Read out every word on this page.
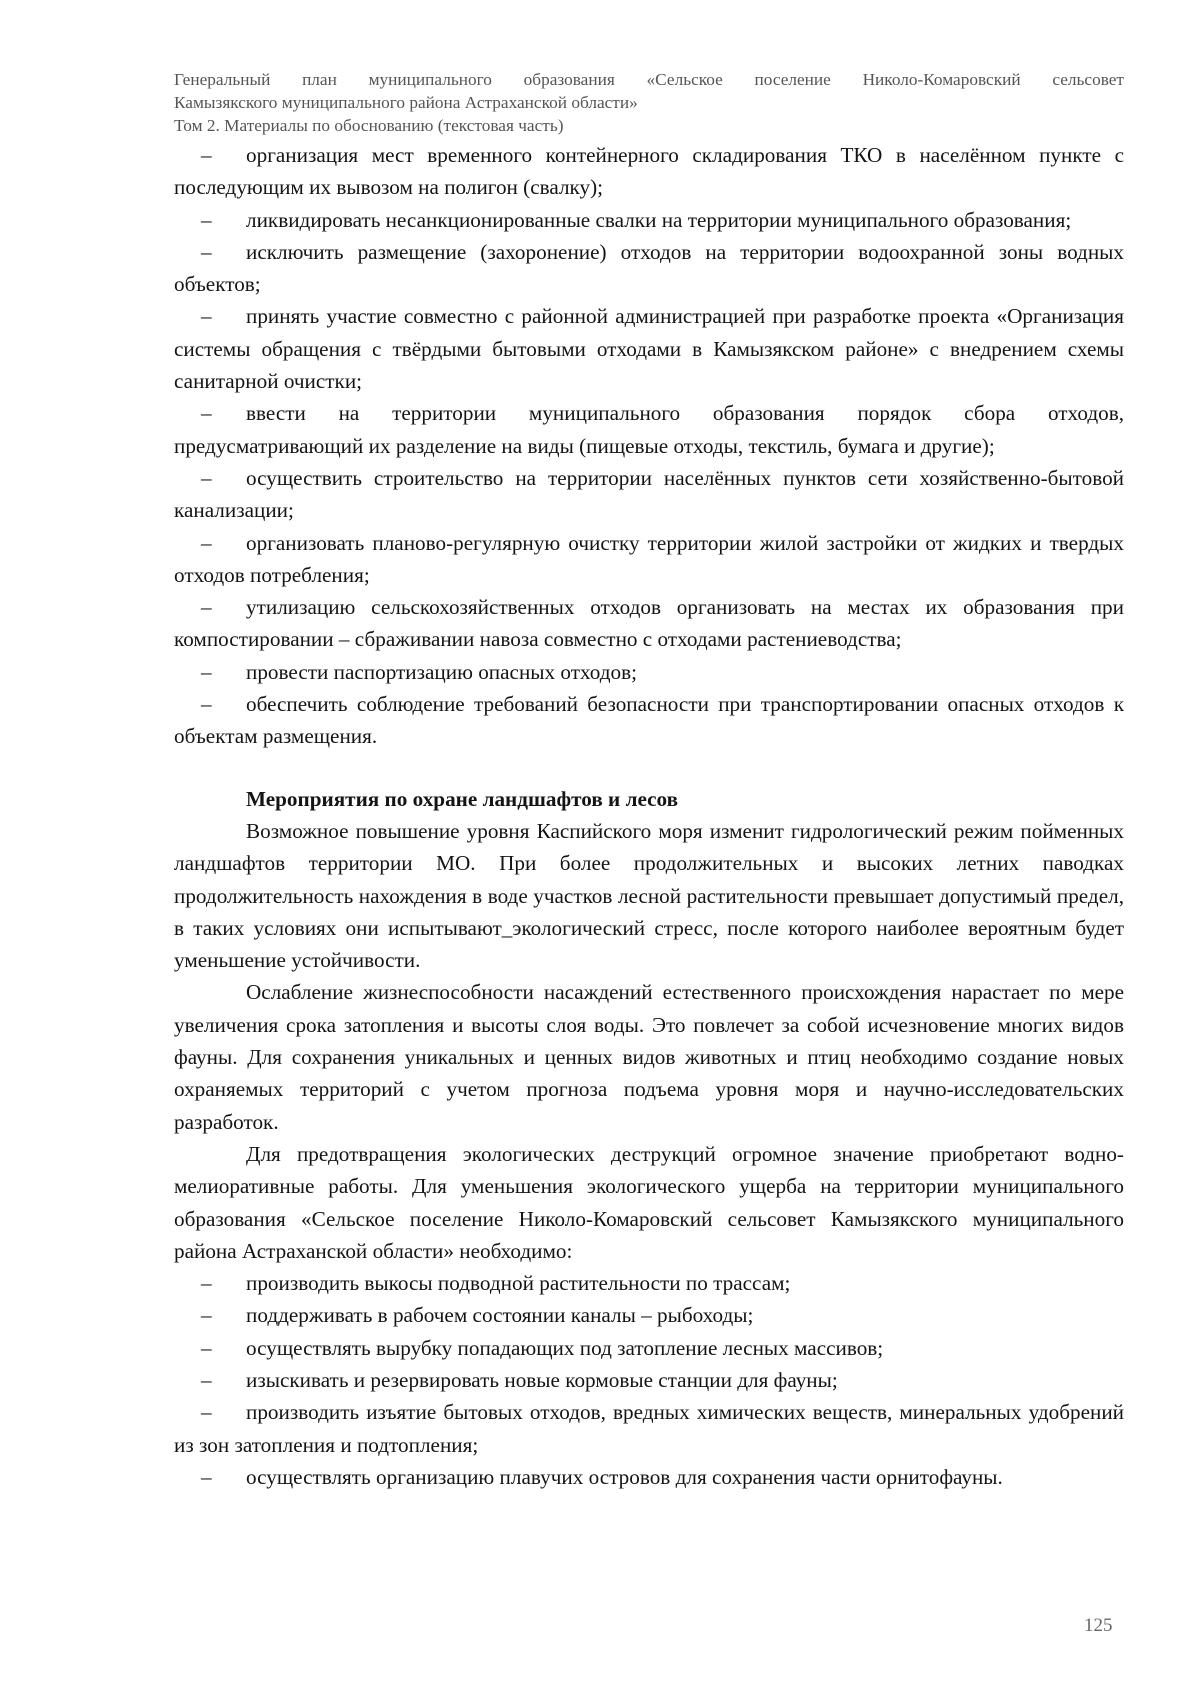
Генеральный план муниципального образования «Сельское поселение Николо-Комаровский сельсовет
Камызякского муниципального района Астраханской области»
Том 2. Материалы по обоснованию (текстовая часть)

– организация мест временного контейнерного складирования ТКО в населённом пункте с последующим их вывозом на полигон (свалку);

– ликвидировать несанкционированные свалки на территории муниципального образования;

– исключить размещение (захоронение) отходов на территории водоохранной зоны водных объектов;

– принять участие совместно с районной администрацией при разработке проекта «Организация системы обращения с твёрдыми бытовыми отходами в Камызякском районе» с внедрением схемы санитарной очистки;

– ввести на территории муниципального образования порядок сбора отходов, предусматривающий их разделение на виды (пищевые отходы, текстиль, бумага и другие);

– осуществить строительство на территории населённых пунктов сети хозяйственно-бытовой канализации;

– организовать планово-регулярную очистку территории жилой застройки от жидких и твердых отходов потребления;

– утилизацию сельскохозяйственных отходов организовать на местах их образования при компостировании – сбраживании навоза совместно с отходами растениеводства;

– провести паспортизацию опасных отходов;

– обеспечить соблюдение требований безопасности при транспортировании опасных отходов к объектам размещения.

Мероприятия по охране ландшафтов и лесов

Возможное повышение уровня Каспийского моря изменит гидрологический режим пойменных ландшафтов территории МО. При более продолжительных и высоких летних паводках продолжительность нахождения в воде участков лесной растительности превышает допустимый предел, в таких условиях они испытывают_экологический стресс, после которого наиболее вероятным будет уменьшение устойчивости.

Ослабление жизнеспособности насаждений естественного происхождения нарастает по мере увеличения срока затопления и высоты слоя воды. Это повлечет за собой исчезновение многих видов фауны. Для сохранения уникальных и ценных видов животных и птиц необходимо создание новых охраняемых территорий с учетом прогноза подъема уровня моря и научно-исследовательских разработок.

Для предотвращения экологических деструкций огромное значение приобретают водно-мелиоративные работы. Для уменьшения экологического ущерба на территории муниципального образования «Сельское поселение Николо-Комаровский сельсовет Камызякского муниципального района Астраханской области» необходимо:

– производить выкосы подводной растительности по трассам;

– поддерживать в рабочем состоянии каналы – рыбоходы;

– осуществлять вырубку попадающих под затопление лесных массивов;

– изыскивать и резервировать новые кормовые станции для фауны;

– производить изъятие бытовых отходов, вредных химических веществ, минеральных удобрений из зон затопления и подтопления;

– осуществлять организацию плавучих островов для сохранения части орнитофауны.

125
